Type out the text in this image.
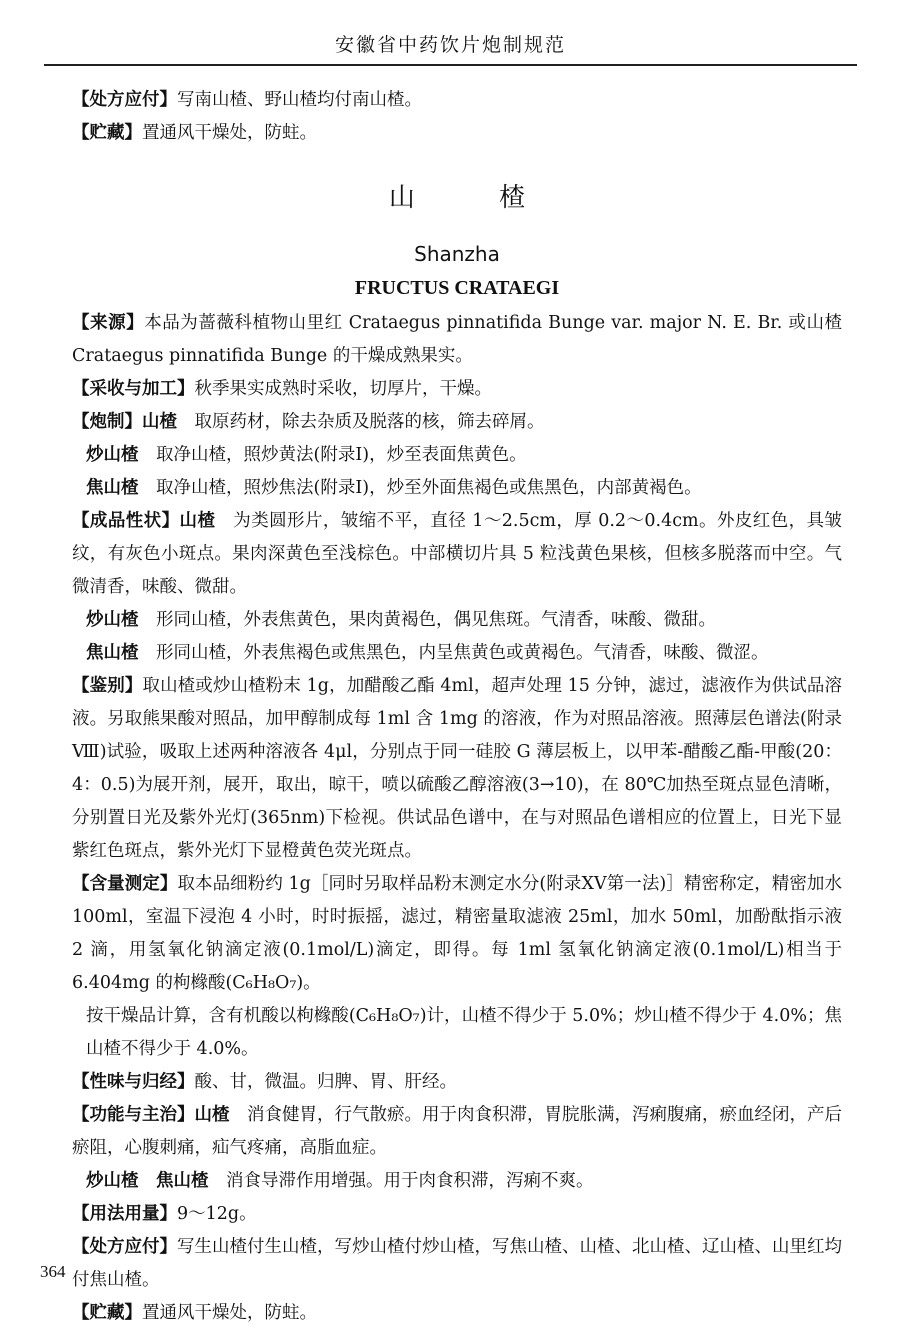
安徽省中药饮片炮制规范

【处方应付】写南山楂、野山楂均付南山楂。

【贮藏】置通风干燥处，防蛀。

山 楂
Shanzha
FRUCTUS CRATAEGI

【来源】本品为蔷薇科植物山里红 Crataegus pinnatifida Bunge var. major N. E. Br. 或山楂 Crataegus pinnatifida Bunge 的干燥成熟果实。

【采收与加工】秋季果实成熟时采收，切厚片，干燥。

【炮制】山楂　 取原药材，除去杂质及脱落的核，筛去碎屑。

炒山楂　 取净山楂，照炒黄法(附录Ⅰ)，炒至表面焦黄色。

焦山楂　 取净山楂，照炒焦法(附录Ⅰ)，炒至外面焦褐色或焦黑色，内部黄褐色。

【成品性状】山楂　 为类圆形片，皱缩不平，直径 1～2.5cm，厚 0.2～0.4cm。外皮红色，具皱纹，有灰色小斑点。果肉深黄色至浅棕色。中部横切片具 5 粒浅黄色果核，但核多脱落而中空。气微清香，味酸、微甜。

炒山楂　 形同山楂，外表焦黄色，果肉黄褐色，偶见焦斑。气清香，味酸、微甜。

焦山楂　 形同山楂，外表焦褐色或焦黑色，内呈焦黄色或黄褐色。气清香，味酸、微涩。

【鉴别】取山楂或炒山楂粉末 1g，加醋酸乙酯 4ml，超声处理 15 分钟，滤过，滤液作为供试品溶液。另取熊果酸对照品，加甲醇制成每 1ml 含 1mg 的溶液，作为对照品溶液。照薄层色谱法(附录Ⅷ)试验，吸取上述两种溶液各 4μl，分别点于同一硅胶 G 薄层板上，以甲苯-醋酸乙酯-甲酸(20：4：0.5)为展开剂，展开，取出，晾干，喷以硫酸乙醇溶液(3→10)，在 80℃加热至斑点显色清晰，分别置日光及紫外光灯(365nm)下检视。供试品色谱中，在与对照品色谱相应的位置上，日光下显紫红色斑点，紫外光灯下显橙黄色荧光斑点。

【含量测定】取本品细粉约 1g［同时另取样品粉末测定水分(附录ⅩⅤ第一法)］精密称定，精密加水 100ml，室温下浸泡 4 小时，时时振摇，滤过，精密量取滤液 25ml，加水 50ml，加酚酞指示液 2 滴，用氢氧化钠滴定液(0.1mol/L)滴定，即得。每 1ml 氢氧化钠滴定液(0.1mol/L)相当于 6.404mg 的枸橼酸(C₆H₈O₇)。

按干燥品计算，含有机酸以枸橼酸(C₆H₈O₇)计，山楂不得少于 5.0%；炒山楂不得少于 4.0%；焦山楂不得少于 4.0%。

【性味与归经】酸、甘，微温。归脾、胃、肝经。

【功能与主治】山楂　 消食健胃，行气散瘀。用于肉食积滞，胃脘胀满，泻痢腹痛，瘀血经闭，产后瘀阻，心腹刺痛，疝气疼痛，高脂血症。

炒山楂　焦山楂　 消食导滞作用增强。用于肉食积滞，泻痢不爽。

【用法用量】9～12g。

【处方应付】写生山楂付生山楂，写炒山楂付炒山楂，写焦山楂、山楂、北山楂、辽山楂、山里红均付焦山楂。

【贮藏】置通风干燥处，防蛀。

364
